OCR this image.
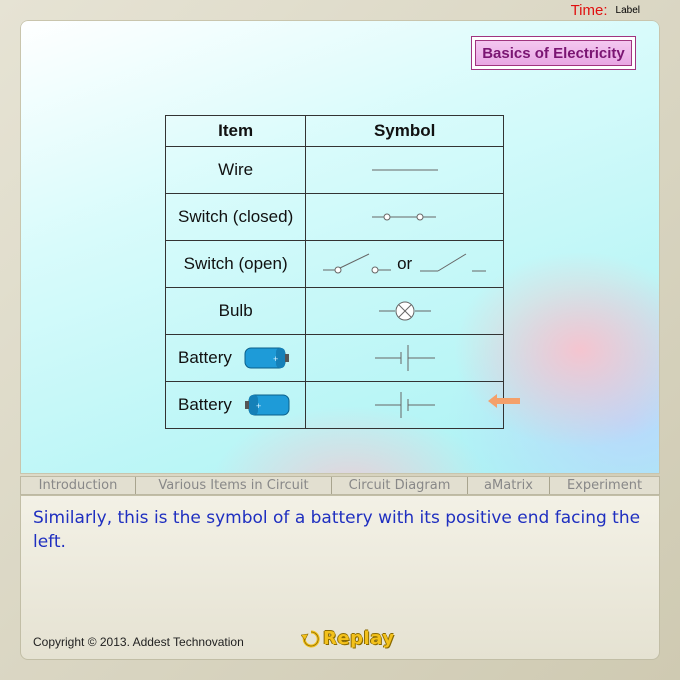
Time: Label
Basics of Electricity
Item	Symbol
Wire	

Switch (closed)	

Switch (open)	or

Bulb	

Battery +

Battery +

Introduction	Various Items in Circuit	Circuit Diagram	aMatrix	Experiment
Similarly, this is the symbol of a battery with its positive end facing the left.
Copyright © 2013. Addest Technovation	Replay
